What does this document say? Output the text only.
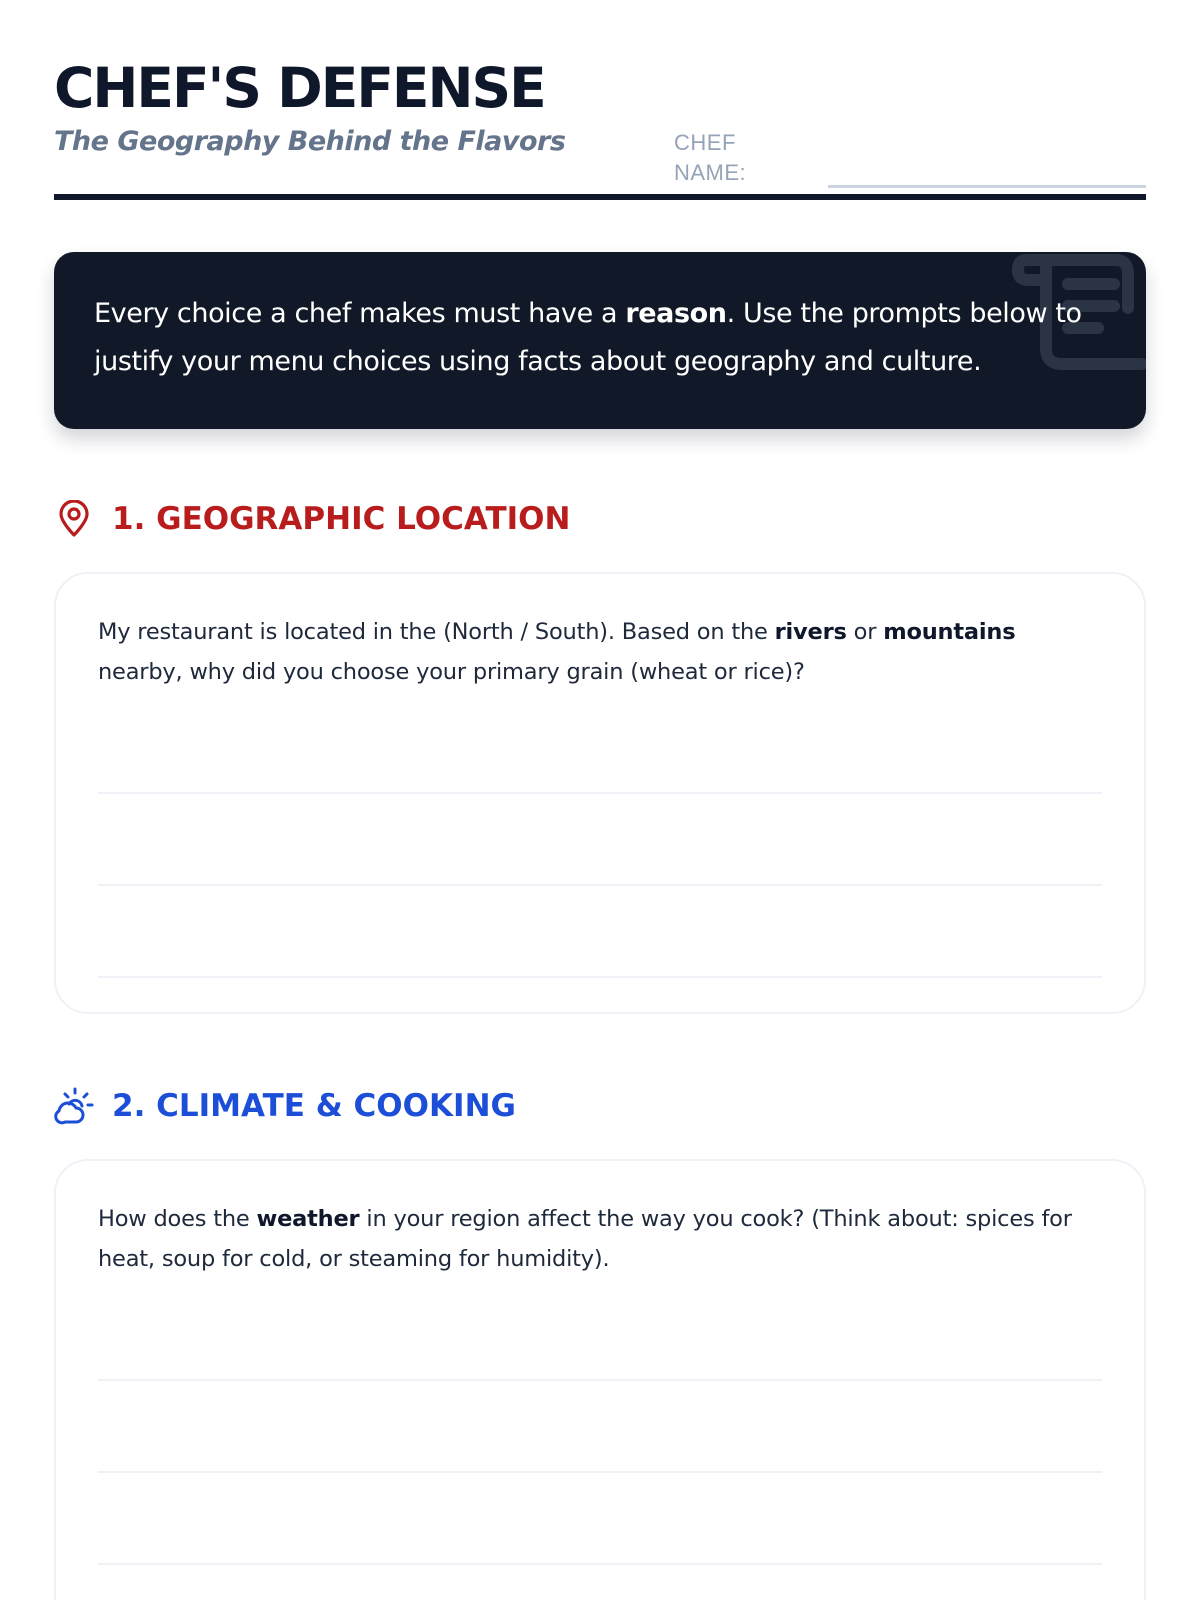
CHEF'S DEFENSE
The Geography Behind the Flavors	CHEF NAME:
Every choice a chef makes must have a reason. Use the prompts below to justify your menu choices using facts about geography and culture.
1. GEOGRAPHIC LOCATION

My restaurant is located in the (North / South). Based on the rivers or mountains nearby, why did you choose your primary grain (wheat or rice)?

2. CLIMATE & COOKING

How does the weather in your region affect the way you cook? (Think about: spices for heat, soup for cold, or steaming for humidity).
